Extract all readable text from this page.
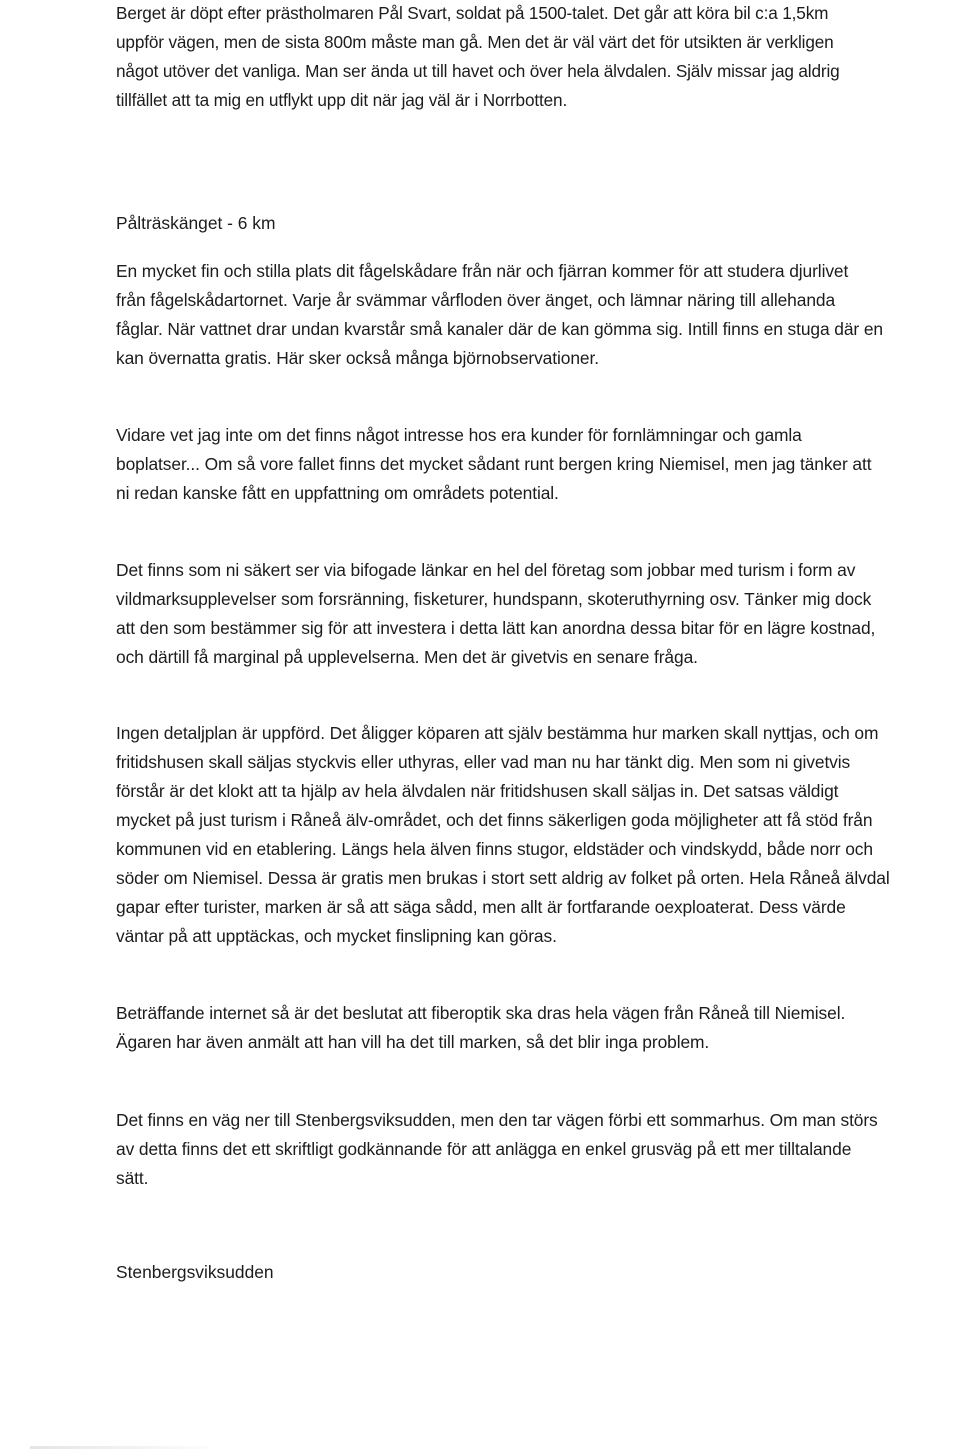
Berget är döpt efter prästholmaren Pål Svart, soldat på 1500-talet. Det går att köra bil c:a 1,5km
uppför vägen, men de sista 800m måste man gå. Men det är väl värt det för utsikten är verkligen
något utöver det vanliga. Man ser ända ut till havet och över hela älvdalen. Själv missar jag aldrig
tillfället att ta mig en utflykt upp dit när jag väl är i Norrbotten.
Pålträskänget - 6 km
En mycket fin och stilla plats dit fågelskådare från när och fjärran kommer för att studera djurlivet
från fågelskådartornet. Varje år svämmar vårfloden över änget, och lämnar näring till allehanda
fåglar. När vattnet drar undan kvarstår små kanaler där de kan gömma sig. Intill finns en stuga där en
kan övernatta gratis. Här sker också många björnobservationer.
Vidare vet jag inte om det finns något intresse hos era kunder för fornlämningar och gamla
boplatser... Om så vore fallet finns det mycket sådant runt bergen kring Niemisel, men jag tänker att
ni redan kanske fått en uppfattning om områdets potential.
Det finns som ni säkert ser via bifogade länkar en hel del företag som jobbar med turism i form av
vildmarksupplevelser som forsränning, fisketurer, hundspann, skoteruthyrning osv. Tänker mig dock
att den som bestämmer sig för att investera i detta lätt kan anordna dessa bitar för en lägre kostnad,
och därtill få marginal på upplevelserna. Men det är givetvis en senare fråga.
Ingen detaljplan är uppförd. Det åligger köparen att själv bestämma hur marken skall nyttjas, och om
fritidshusen skall säljas styckvis eller uthyras, eller vad man nu har tänkt dig. Men som ni givetvis
förstår är det klokt att ta hjälp av hela älvdalen när fritidshusen skall säljas in. Det satsas väldigt
mycket på just turism i Råneå älv-området, och det finns säkerligen goda möjligheter att få stöd från
kommunen vid en etablering. Längs hela älven finns stugor, eldstäder och vindskydd, både norr och
söder om Niemisel. Dessa är gratis men brukas i stort sett aldrig av folket på orten. Hela Råneå älvdal
gapar efter turister, marken är så att säga sådd, men allt är fortfarande oexploaterat. Dess värde
väntar på att upptäckas, och mycket finslipning kan göras.
Beträffande internet så är det beslutat att fiberoptik ska dras hela vägen från Råneå till Niemisel.
Ägaren har även anmält att han vill ha det till marken, så det blir inga problem.
Det finns en väg ner till Stenbergsviksudden, men den tar vägen förbi ett sommarhus. Om man störs
av detta finns det ett skriftligt godkännande för att anlägga en enkel grusväg på ett mer tilltalande
sätt.
Stenbergsviksudden
